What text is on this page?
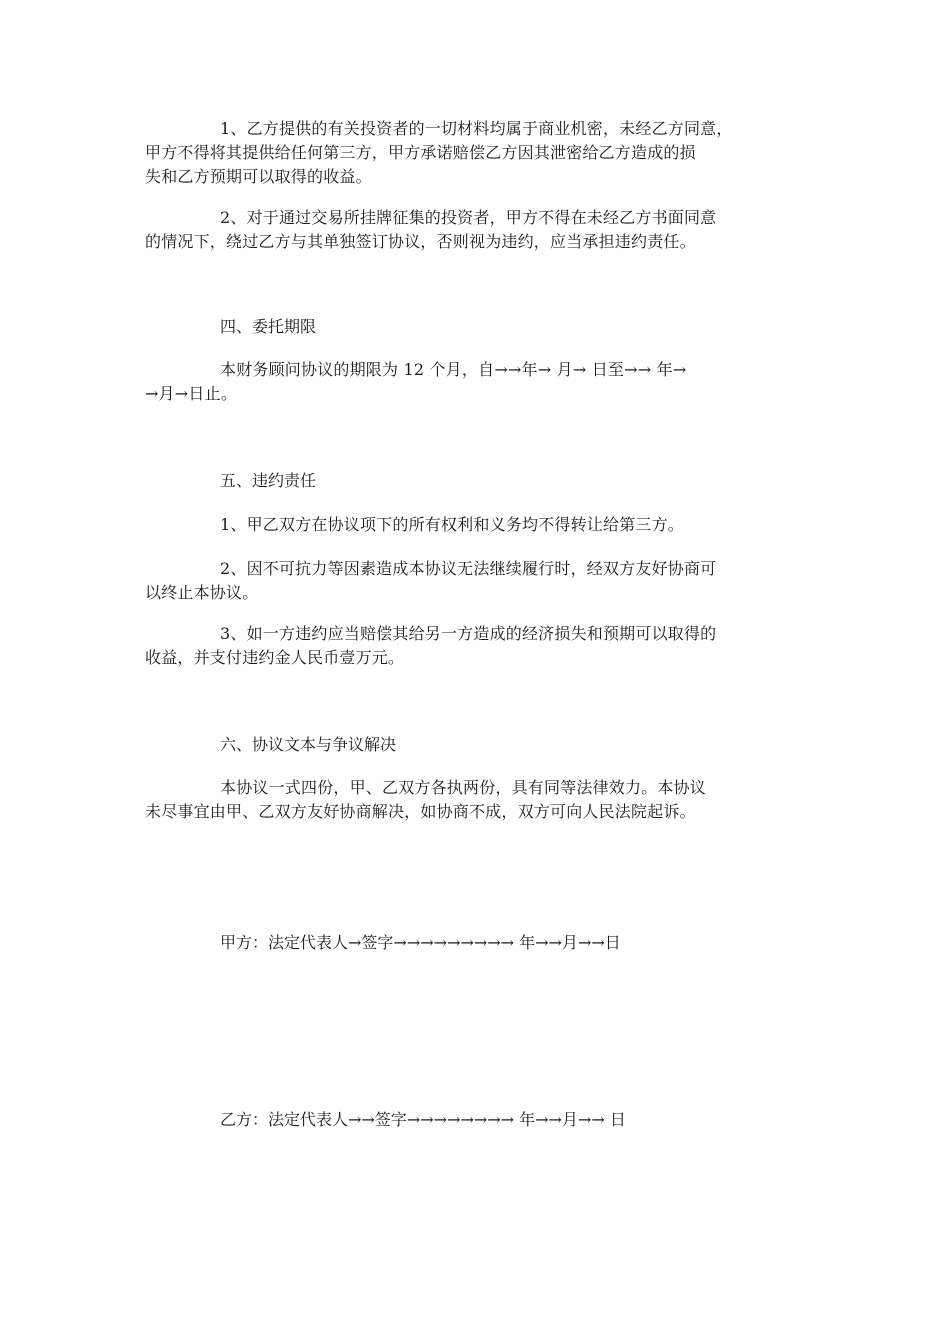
1、乙方提供的有关投资者的一切材料均属于商业机密，未经乙方同意，
甲方不得将其提供给任何第三方，甲方承诺赔偿乙方因其泄密给乙方造成的损
失和乙方预期可以取得的收益。
2、对于通过交易所挂牌征集的投资者，甲方不得在未经乙方书面同意
的情况下，绕过乙方与其单独签订协议，否则视为违约，应当承担违约责任。
四、委托期限
本财务顾问协议的期限为 12 个月，自→→年→ 月→ 日至→→ 年→
→月→日止。
五、违约责任
1、甲乙双方在协议项下的所有权利和义务均不得转让给第三方。
2、因不可抗力等因素造成本协议无法继续履行时，经双方友好协商可
以终止本协议。
3、如一方违约应当赔偿其给另一方造成的经济损失和预期可以取得的
收益，并支付违约金人民币壹万元。
六、协议文本与争议解决
本协议一式四份，甲、乙双方各执两份，具有同等法律效力。本协议
未尽事宜由甲、乙双方友好协商解决，如协商不成，双方可向人民法院起诉。
甲方：法定代表人→签字→→→→→→→→→ 年→→月→→日
乙方：法定代表人→→签字→→→→→→→→ 年→→月→→ 日
